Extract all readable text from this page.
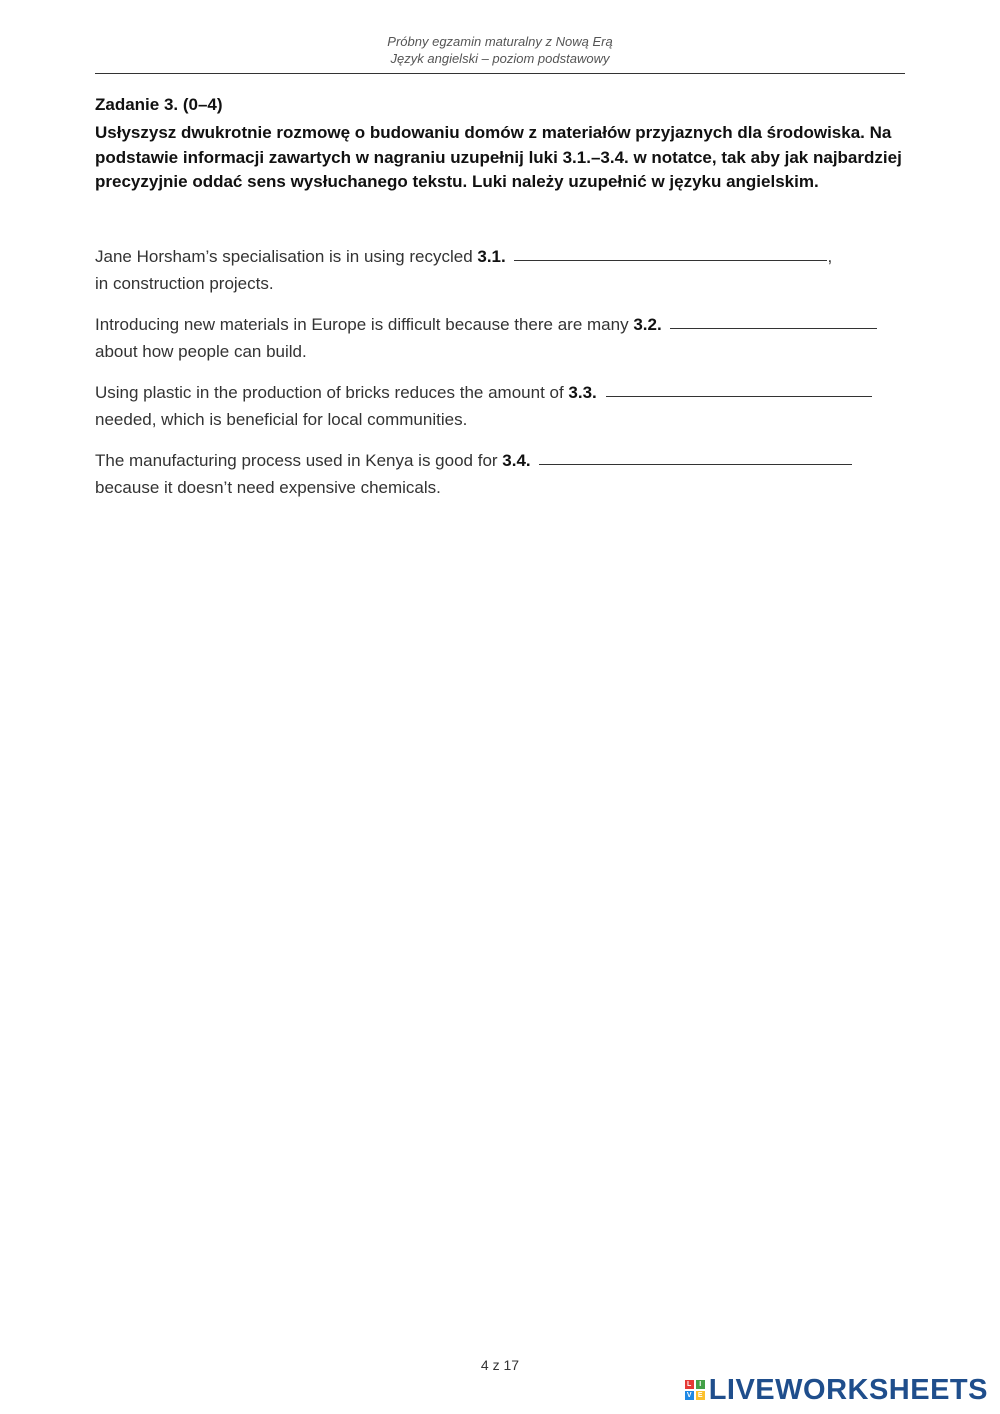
Próbny egzamin maturalny z Nową Erą
Język angielski – poziom podstawowy
Zadanie 3. (0–4)
Usłyszysz dwukrotnie rozmowę o budowaniu domów z materiałów przyjaznych dla środowiska. Na podstawie informacji zawartych w nagraniu uzupełnij luki 3.1.–3.4. w notatce, tak aby jak najbardziej precyzyjnie oddać sens wysłuchanego tekstu. Luki należy uzupełnić w języku angielskim.
Jane Horsham’s specialisation is in using recycled 3.1.	,
in construction projects.
Introducing new materials in Europe is difficult because there are many 3.2.
about how people can build.
Using plastic in the production of bricks reduces the amount of 3.3.
needed, which is beneficial for local communities.
The manufacturing process used in Kenya is good for 3.4.
because it doesn’t need expensive chemicals.
4 z 17
L	I
V E LIVEWORKSHEETS
